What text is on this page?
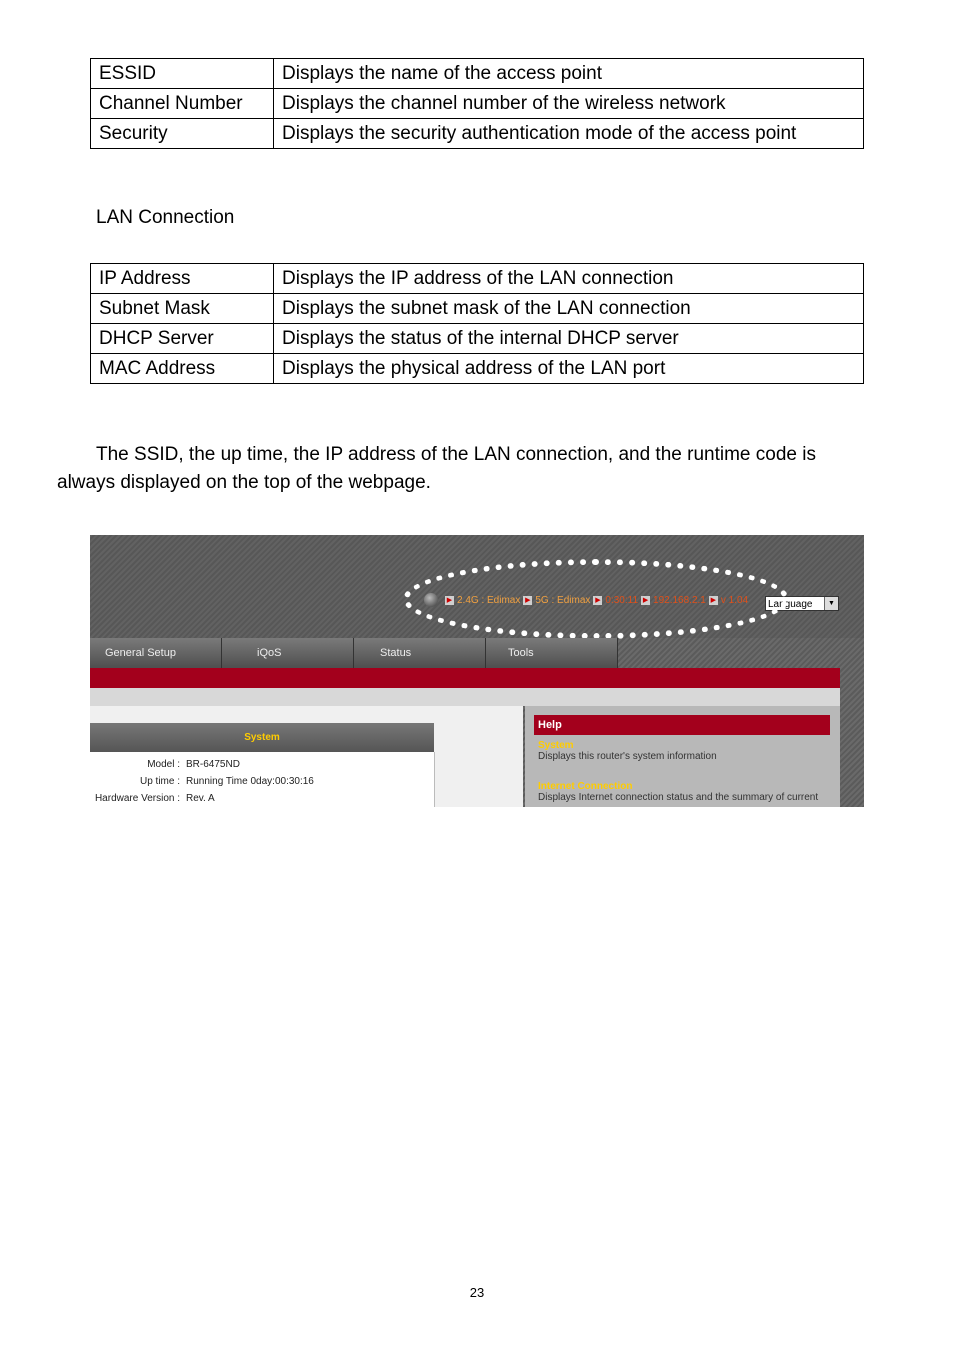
ESSID	Displays the name of the access point
Channel Number	Displays the channel number of the wireless network
Security	Displays the security authentication mode of the access point
LAN Connection
IP Address	Displays the IP address of the LAN connection
Subnet Mask	Displays the subnet mask of the LAN connection
DHCP Server	Displays the status of the internal DHCP server
MAC Address	Displays the physical address of the LAN port
The SSID, the up time, the IP address of the LAN connection, and the runtime code is
always displayed on the top of the webpage.
▶ 2.4G : Edimax ▶ 5G : Edimax ▶ 0:30:11 ▶ 192.168.2.1 ▶ v 1.04	Language	▼
General Setup	iQoS	Status	Tools
System
Model : BR-6475ND
Up time : Running Time 0day:00:30:16
Hardware Version : Rev. A
Help
System
Displays this router's system information
Internet Connection
Displays Internet connection status and the summary of current
23
